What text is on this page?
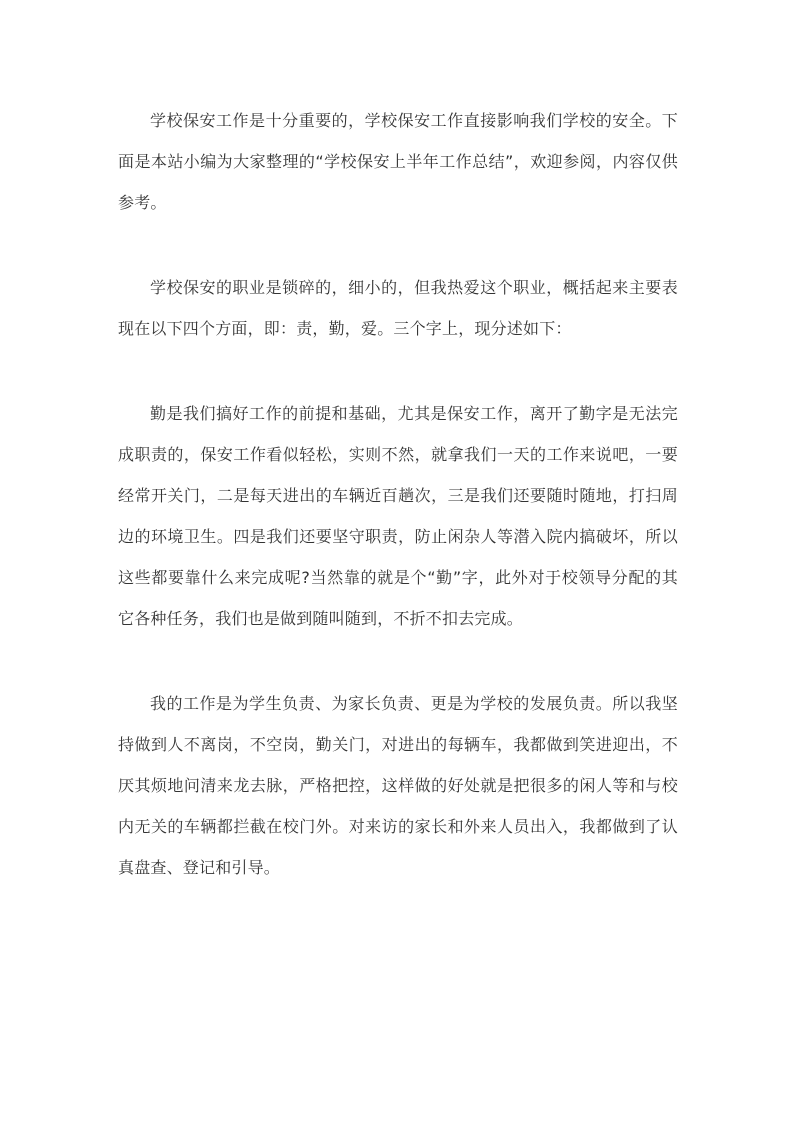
学校保安工作是十分重要的，学校保安工作直接影响我们学校的安全。下面是本站小编为大家整理的“学校保安上半年工作总结”，欢迎参阅，内容仅供参考。

学校保安的职业是锁碎的，细小的，但我热爱这个职业，概括起来主要表现在以下四个方面，即：责，勤，爱。三个字上，现分述如下：

勤是我们搞好工作的前提和基础，尤其是保安工作，离开了勤字是无法完成职责的，保安工作看似轻松，实则不然，就拿我们一天的工作来说吧，一要经常开关门，二是每天进出的车辆近百趟次，三是我们还要随时随地，打扫周边的环境卫生。四是我们还要坚守职责，防止闲杂人等潜入院内搞破坏，所以这些都要靠什么来完成呢?当然靠的就是个“勤”字，此外对于校领导分配的其它各种任务，我们也是做到随叫随到，不折不扣去完成。

我的工作是为学生负责、为家长负责、更是为学校的发展负责。所以我坚持做到人不离岗，不空岗，勤关门，对进出的每辆车，我都做到笑进迎出，不厌其烦地问清来龙去脉，严格把控，这样做的好处就是把很多的闲人等和与校内无关的车辆都拦截在校门外。对来访的家长和外来人员出入，我都做到了认真盘查、登记和引导。
